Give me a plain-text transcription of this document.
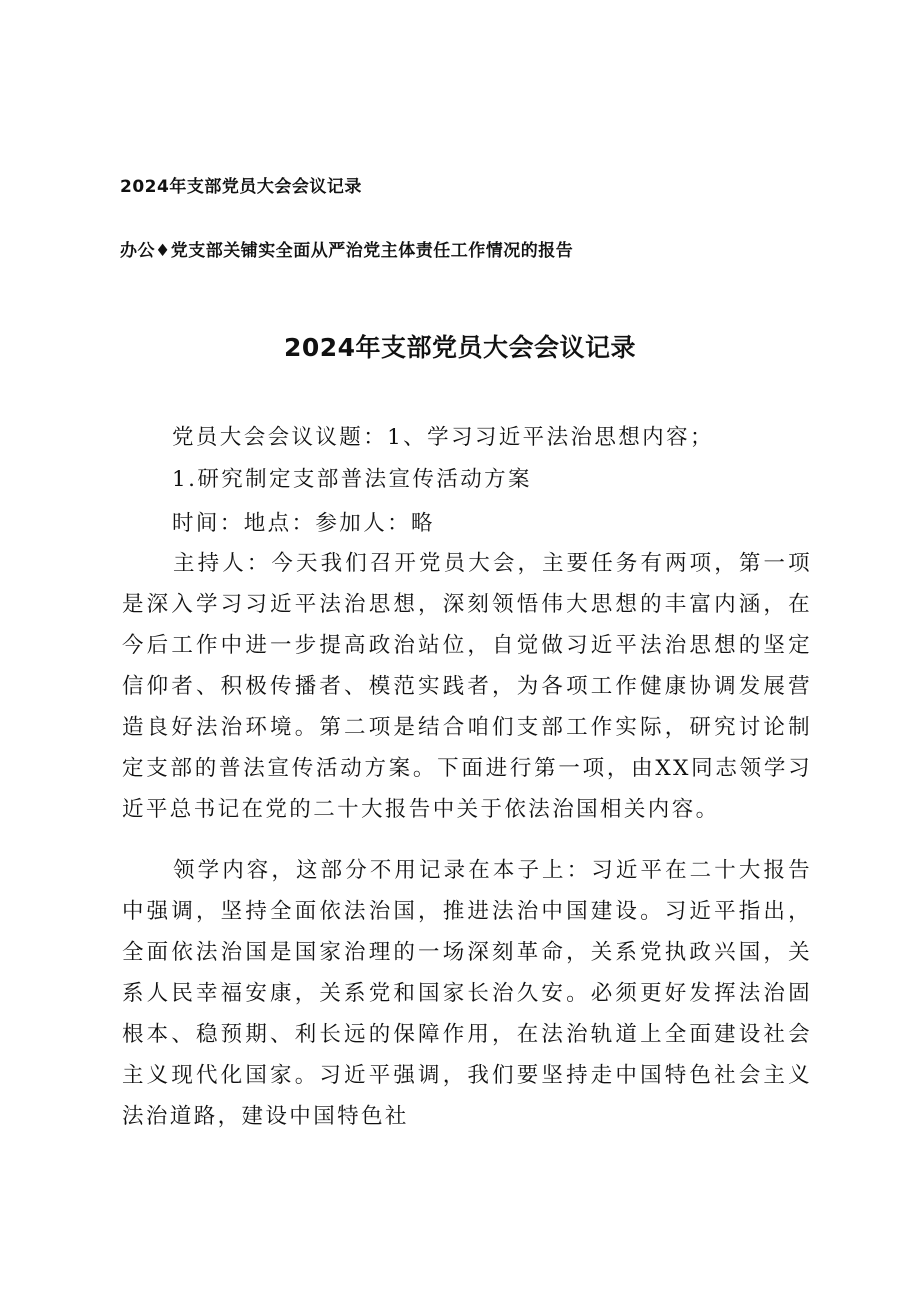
2024年支部党员大会会议记录
办公♦党支部关铺实全面从严治党主体责任工作情况的报告
2024年支部党员大会会议记录
党员大会会议议题：1、学习习近平法治思想内容；
1.研究制定支部普法宣传活动方案
时间：地点：参加人：略
主持人：今天我们召开党员大会，主要任务有两项，第一项是深入学习习近平法治思想，深刻领悟伟大思想的丰富内涵，在今后工作中进一步提高政治站位，自觉做习近平法治思想的坚定信仰者、积极传播者、模范实践者，为各项工作健康协调发展营造良好法治环境。第二项是结合咱们支部工作实际，研究讨论制定支部的普法宣传活动方案。下面进行第一项，由XX同志领学习近平总书记在党的二十大报告中关于依法治国相关内容。
领学内容，这部分不用记录在本子上：习近平在二十大报告中强调，坚持全面依法治国，推进法治中国建设。习近平指出，全面依法治国是国家治理的一场深刻革命，关系党执政兴国，关系人民幸福安康，关系党和国家长治久安。必须更好发挥法治固根本、稳预期、利长远的保障作用，在法治轨道上全面建设社会主义现代化国家。习近平强调，我们要坚持走中国特色社会主义法治道路，建设中国特色社
